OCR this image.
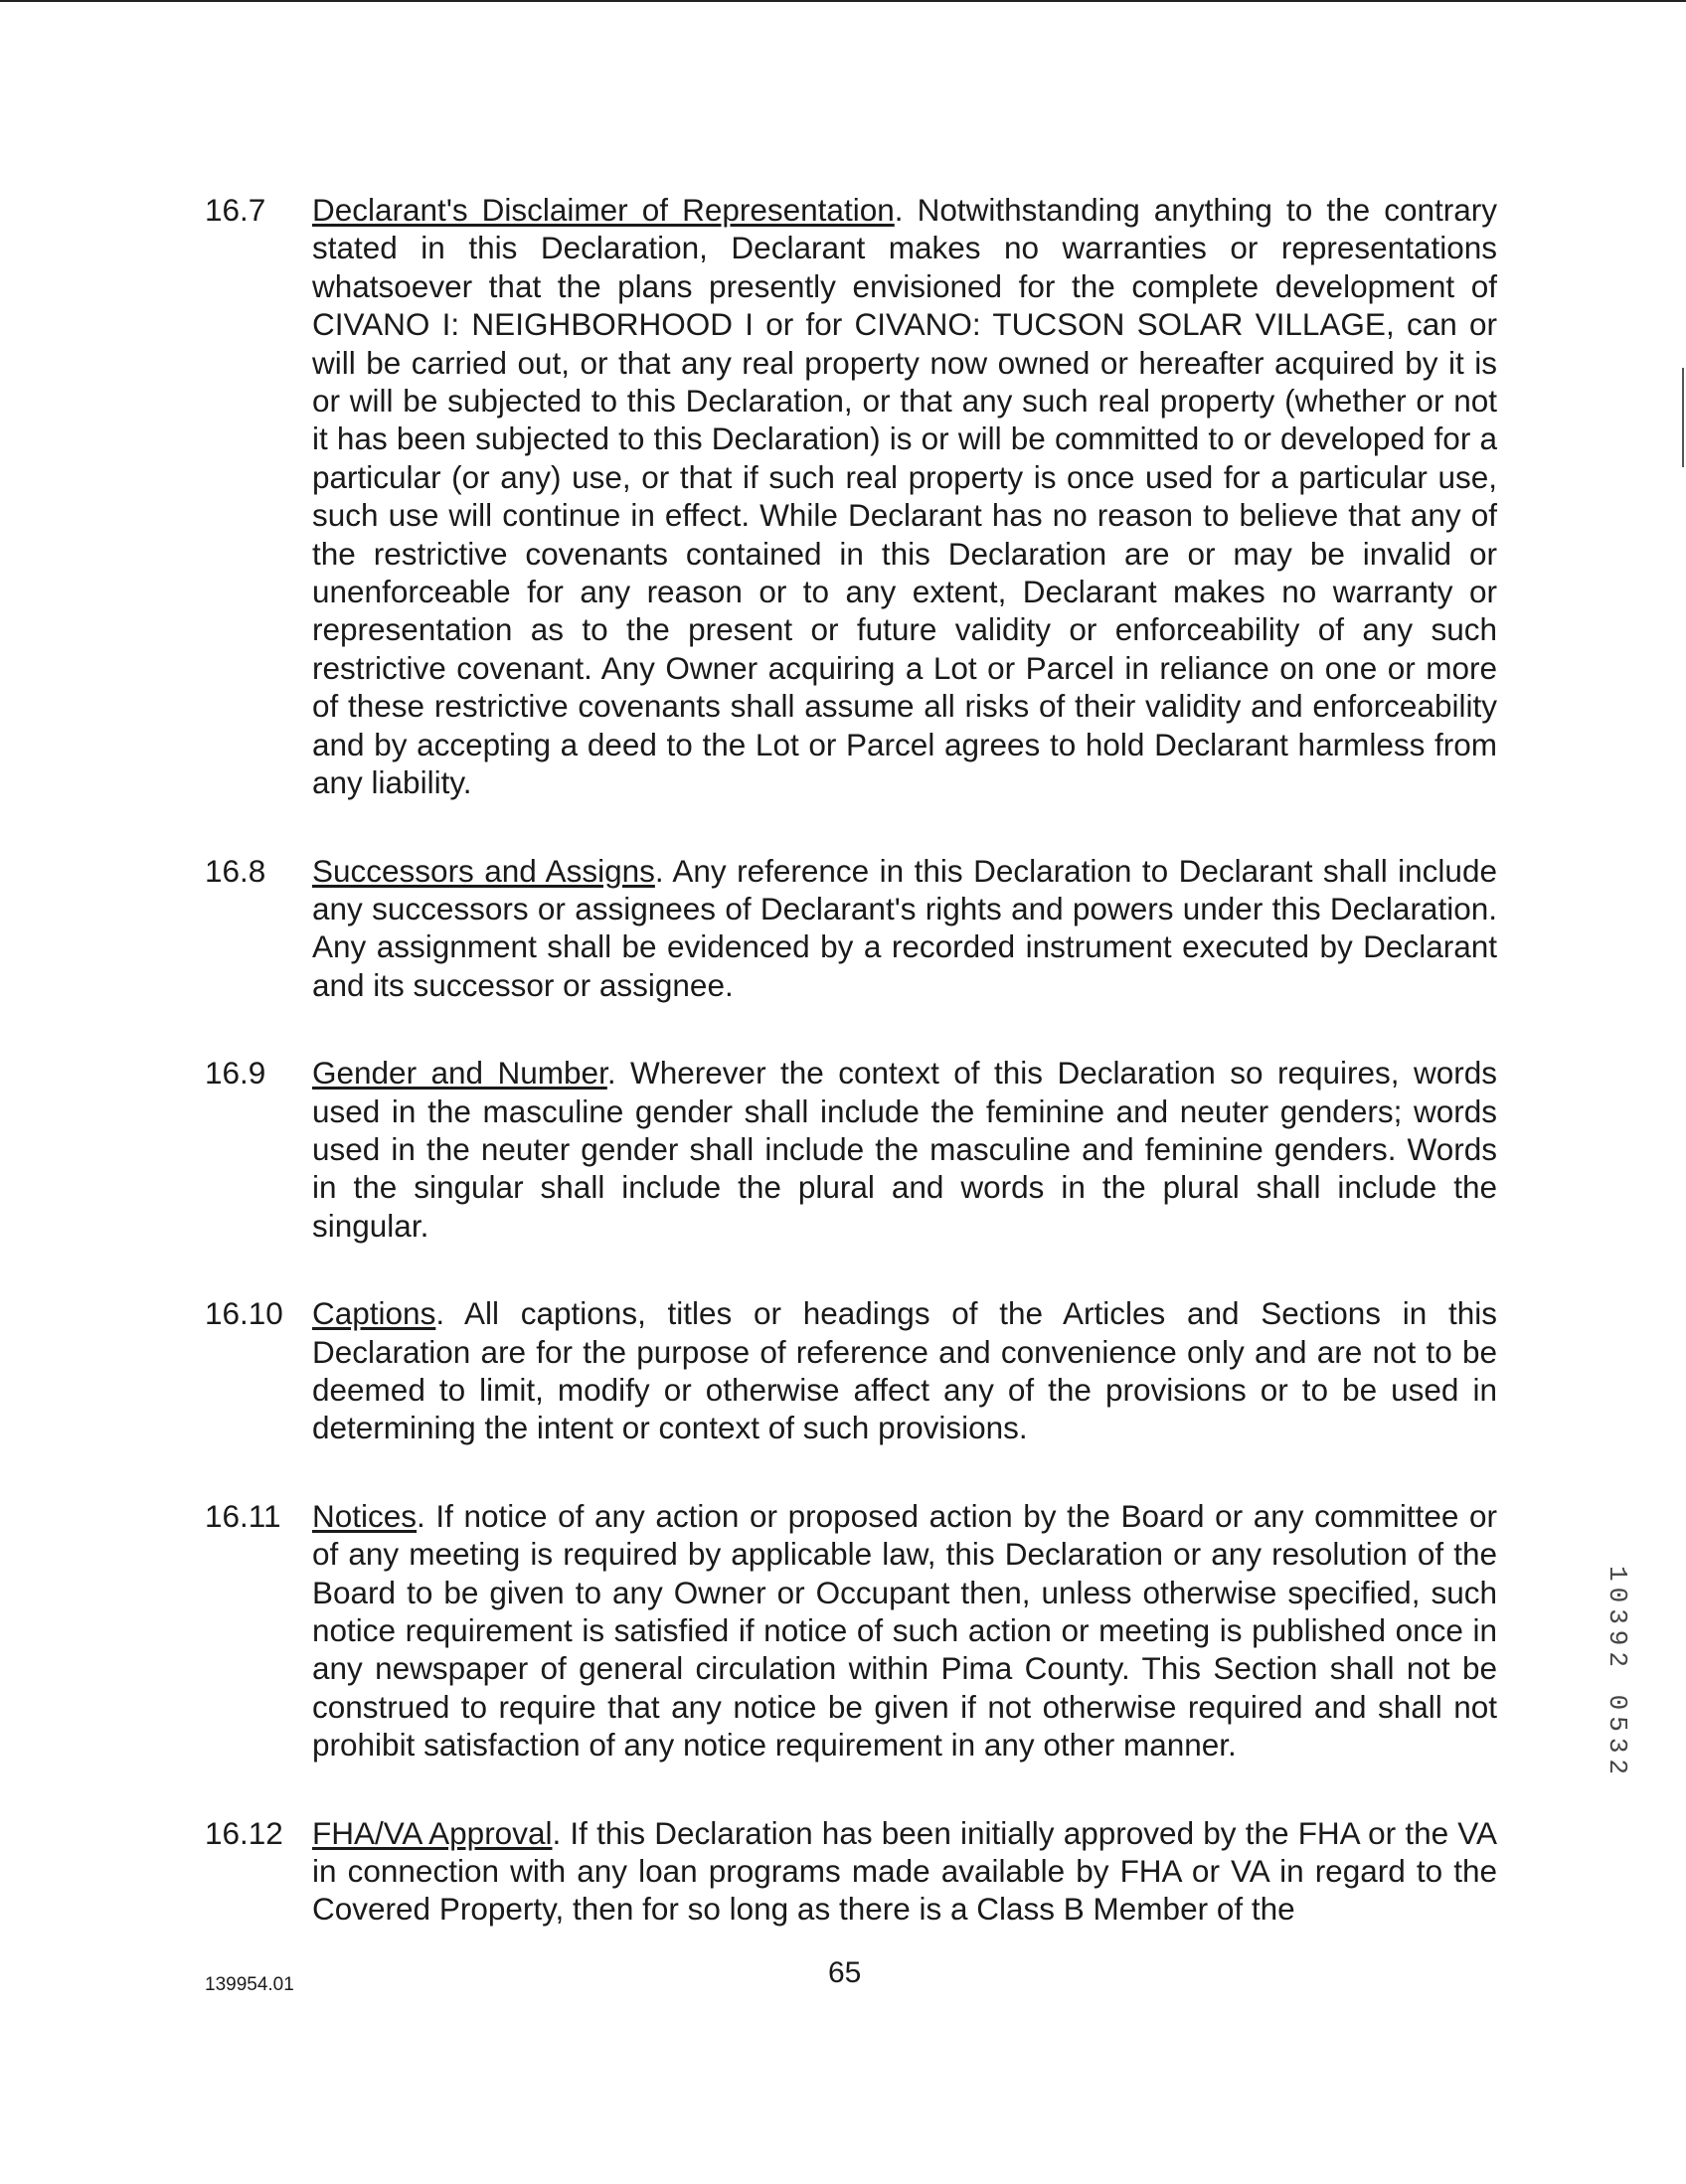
16.7 Declarant's Disclaimer of Representation. Notwithstanding anything to the contrary stated in this Declaration, Declarant makes no warranties or representations whatsoever that the plans presently envisioned for the complete development of CIVANO I: NEIGHBORHOOD I or for CIVANO: TUCSON SOLAR VILLAGE, can or will be carried out, or that any real property now owned or hereafter acquired by it is or will be subjected to this Declaration, or that any such real property (whether or not it has been subjected to this Declaration) is or will be committed to or developed for a particular (or any) use, or that if such real property is once used for a particular use, such use will continue in effect. While Declarant has no reason to believe that any of the restrictive covenants contained in this Declaration are or may be invalid or unenforceable for any reason or to any extent, Declarant makes no warranty or representation as to the present or future validity or enforceability of any such restrictive covenant. Any Owner acquiring a Lot or Parcel in reliance on one or more of these restrictive covenants shall assume all risks of their validity and enforceability and by accepting a deed to the Lot or Parcel agrees to hold Declarant harmless from any liability.
16.8 Successors and Assigns. Any reference in this Declaration to Declarant shall include any successors or assignees of Declarant's rights and powers under this Declaration. Any assignment shall be evidenced by a recorded instrument executed by Declarant and its successor or assignee.
16.9 Gender and Number. Wherever the context of this Declaration so requires, words used in the masculine gender shall include the feminine and neuter genders; words used in the neuter gender shall include the masculine and feminine genders. Words in the singular shall include the plural and words in the plural shall include the singular.
16.10 Captions. All captions, titles or headings of the Articles and Sections in this Declaration are for the purpose of reference and convenience only and are not to be deemed to limit, modify or otherwise affect any of the provisions or to be used in determining the intent or context of such provisions.
16.11 Notices. If notice of any action or proposed action by the Board or any committee or of any meeting is required by applicable law, this Declaration or any resolution of the Board to be given to any Owner or Occupant then, unless otherwise specified, such notice requirement is satisfied if notice of such action or meeting is published once in any newspaper of general circulation within Pima County. This Section shall not be construed to require that any notice be given if not otherwise required and shall not prohibit satisfaction of any notice requirement in any other manner.
16.12 FHA/VA Approval. If this Declaration has been initially approved by the FHA or the VA in connection with any loan programs made available by FHA or VA in regard to the Covered Property, then for so long as there is a Class B Member of the
139954.01	65
10392 0532
